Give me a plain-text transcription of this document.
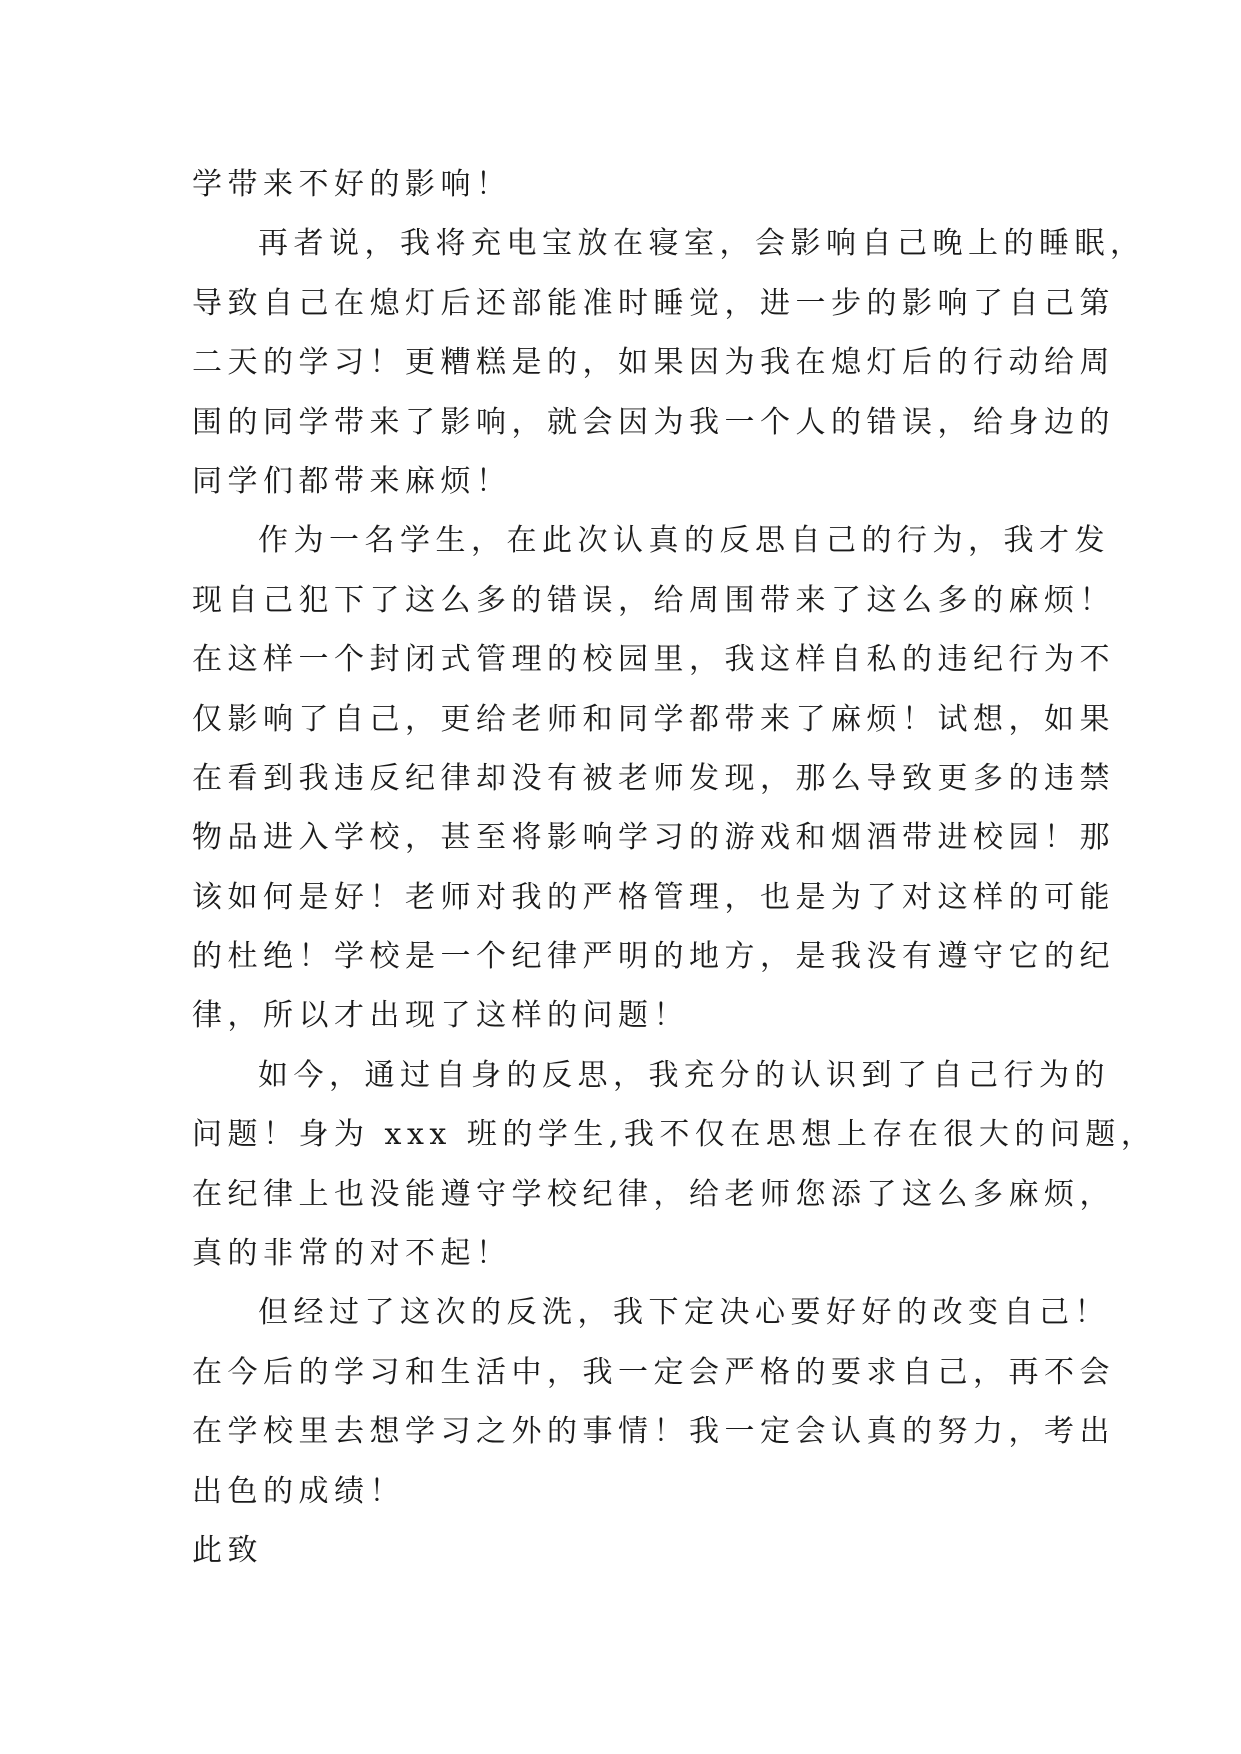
学带来不好的影响！
再者说，我将充电宝放在寝室，会影响自己晚上的睡眠，
导致自己在熄灯后还部能准时睡觉，进一步的影响了自己第
二天的学习！更糟糕是的，如果因为我在熄灯后的行动给周
围的同学带来了影响，就会因为我一个人的错误，给身边的
同学们都带来麻烦！
作为一名学生，在此次认真的反思自己的行为，我才发
现自己犯下了这么多的错误，给周围带来了这么多的麻烦！
在这样一个封闭式管理的校园里，我这样自私的违纪行为不
仅影响了自己，更给老师和同学都带来了麻烦！试想，如果
在看到我违反纪律却没有被老师发现，那么导致更多的违禁
物品进入学校，甚至将影响学习的游戏和烟酒带进校园！那
该如何是好！老师对我的严格管理，也是为了对这样的可能
的杜绝！学校是一个纪律严明的地方，是我没有遵守它的纪
律，所以才出现了这样的问题！
如今，通过自身的反思，我充分的认识到了自己行为的
问题！身为 xxx 班的学生,我不仅在思想上存在很大的问题，
在纪律上也没能遵守学校纪律，给老师您添了这么多麻烦，
真的非常的对不起！
但经过了这次的反洗，我下定决心要好好的改变自己！
在今后的学习和生活中，我一定会严格的要求自己，再不会
在学校里去想学习之外的事情！我一定会认真的努力，考出
出色的成绩！
此致
